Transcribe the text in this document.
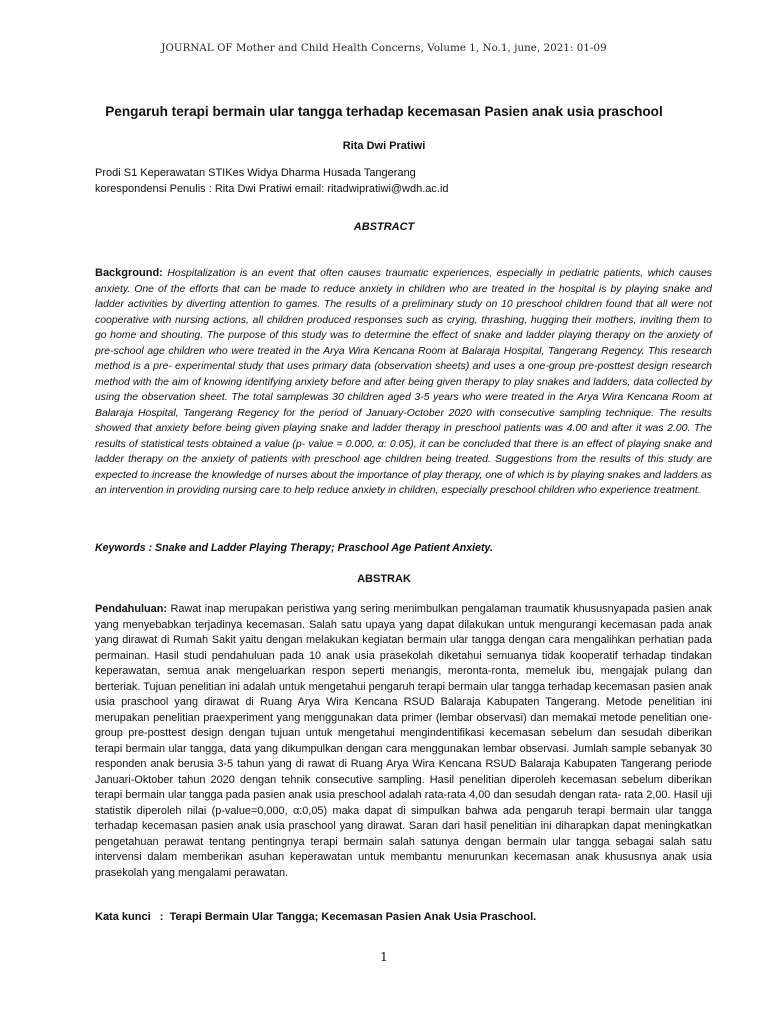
JOURNAL OF Mother and Child Health Concerns, Volume 1, No.1, june, 2021: 01-09
Pengaruh terapi bermain ular tangga terhadap kecemasan Pasien anak usia praschool
Rita Dwi Pratiwi
Prodi S1 Keperawatan STIKes Widya Dharma Husada Tangerang
korespondensi Penulis : Rita Dwi Pratiwi email: ritadwipratiwi@wdh.ac.id
ABSTRACT

Background: Hospitalization is an event that often causes traumatic experiences, especially in pediatric patients, which causes anxiety. One of the efforts that can be made to reduce anxiety in children who are treated in the hospital is by playing snake and ladder activities by diverting attention to games. The results of a preliminary study on 10 preschool children found that all were not cooperative with nursing actions, all children produced responses such as crying, thrashing, hugging their mothers, inviting them to go home and shouting. The purpose of this study was to determine the effect of snake and ladder playing therapy on the anxiety of pre-school age children who were treated in the Arya Wira Kencana Room at Balaraja Hospital, Tangerang Regency. This research method is a pre- experimental study that uses primary data (observation sheets) and uses a one-group pre-posttest design research method with the aim of knowing identifying anxiety before and after being given therapy to play snakes and ladders, data collected by using the observation sheet. The total samplewas 30 children aged 3-5 years who were treated in the Arya Wira Kencana Room at Balaraja Hospital, Tangerang Regency for the period of January-October 2020 with consecutive sampling technique. The results showed that anxiety before being given playing snake and ladder therapy in preschool patients was 4.00 and after it was 2.00. The results of statistical tests obtained a value (p- value = 0.000, α: 0.05), it can be concluded that there is an effect of playing snake and ladder therapy on the anxiety of patients with preschool age children being treated. Suggestions from the results of this study are expected to increase the knowledge of nurses about the importance of play therapy, one of which is by playing snakes and ladders as an intervention in providing nursing care to help reduce anxiety in children, especially preschool children who experience treatment.

Keywords : Snake and Ladder Playing Therapy; Praschool Age Patient Anxiety.
ABSTRAK

Pendahuluan: Rawat inap merupakan peristiwa yang sering menimbulkan pengalaman traumatik khususnyapada pasien anak yang menyebabkan terjadinya kecemasan. Salah satu upaya yang dapat dilakukan untuk mengurangi kecemasan pada anak yang dirawat di Rumah Sakit yaitu dengan melakukan kegiatan bermain ular tangga dengan cara mengalihkan perhatian pada permainan. Hasil studi pendahuluan pada 10 anak usia prasekolah diketahui semuanya tidak kooperatif terhadap tindakan keperawatan, semua anak mengeluarkan respon seperti menangis, meronta-ronta, memeluk ibu, mengajak pulang dan berteriak. Tujuan penelitian ini adalah untuk mengetahui pengaruh terapi bermain ular tangga terhadap kecemasan pasien anak usia praschool yang dirawat di Ruang Arya Wira Kencana RSUD Balaraja Kabupaten Tangerang. Metode penelitian ini merupakan penelitian praexperiment yang menggunakan data primer (lembar observasi) dan memakai metode penelitian one- group pre-posttest design dengan tujuan untuk mengetahui mengindentifikasi kecemasan sebelum dan sesudah diberikan terapi bermain ular tangga, data yang dikumpulkan dengan cara menggunakan lembar observasi. Jumlah sample sebanyak 30 responden anak berusia 3-5 tahun yang di rawat di Ruang Arya Wira Kencana RSUD Balaraja Kabupaten Tangerang periode Januari-Oktober tahun 2020 dengan tehnik consecutive sampling. Hasil penelitian diperoleh kecemasan sebelum diberikan terapi bermain ular tangga pada pasien anak usia preschool adalah rata-rata 4,00 dan sesudah dengan rata- rata 2,00. Hasil uji statistik diperoleh nilai (p-value=0,000, α:0,05) maka dapat di simpulkan bahwa ada pengaruh terapi bermain ular tangga terhadap kecemasan pasien anak usia praschool yang dirawat. Saran dari hasil penelitian ini diharapkan dapat meningkatkan pengetahuan perawat tentang pentingnya terapi bermain salah satunya dengan bermain ular tangga sebagai salah satu intervensi dalam memberikan asuhan keperawatan untuk membantu menurunkan kecemasan anak khususnya anak usia prasekolah yang mengalami perawatan.

Kata kunci   : Terapi Bermain Ular Tangga; Kecemasan Pasien Anak Usia Praschool.
1
